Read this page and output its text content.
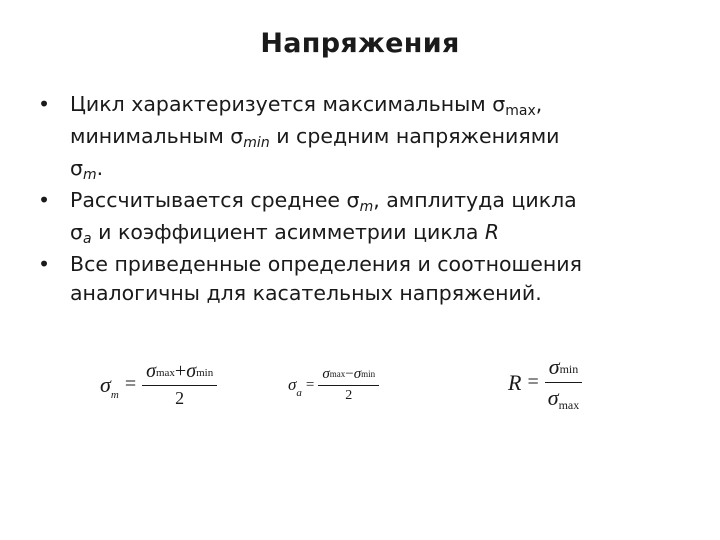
Напряжения
• Цикл характеризуется максимальным σmax,
минимальным σmin и средним напряжениями
σm.
• Рассчитывается среднее σm, амплитуда цикла
σa и коэффициент асимметрии цикла R
• Все приведенные определения и соотношения
аналогичны для касательных напряжений.
$\sigma_m = \frac{\sigma\max+\sigma\min}{2}$	$\sigma_a$
= $\frac{\sigma\max-\sigma\min}{2}$	$R = \frac{\sigma\min}{\sigma\max}$
